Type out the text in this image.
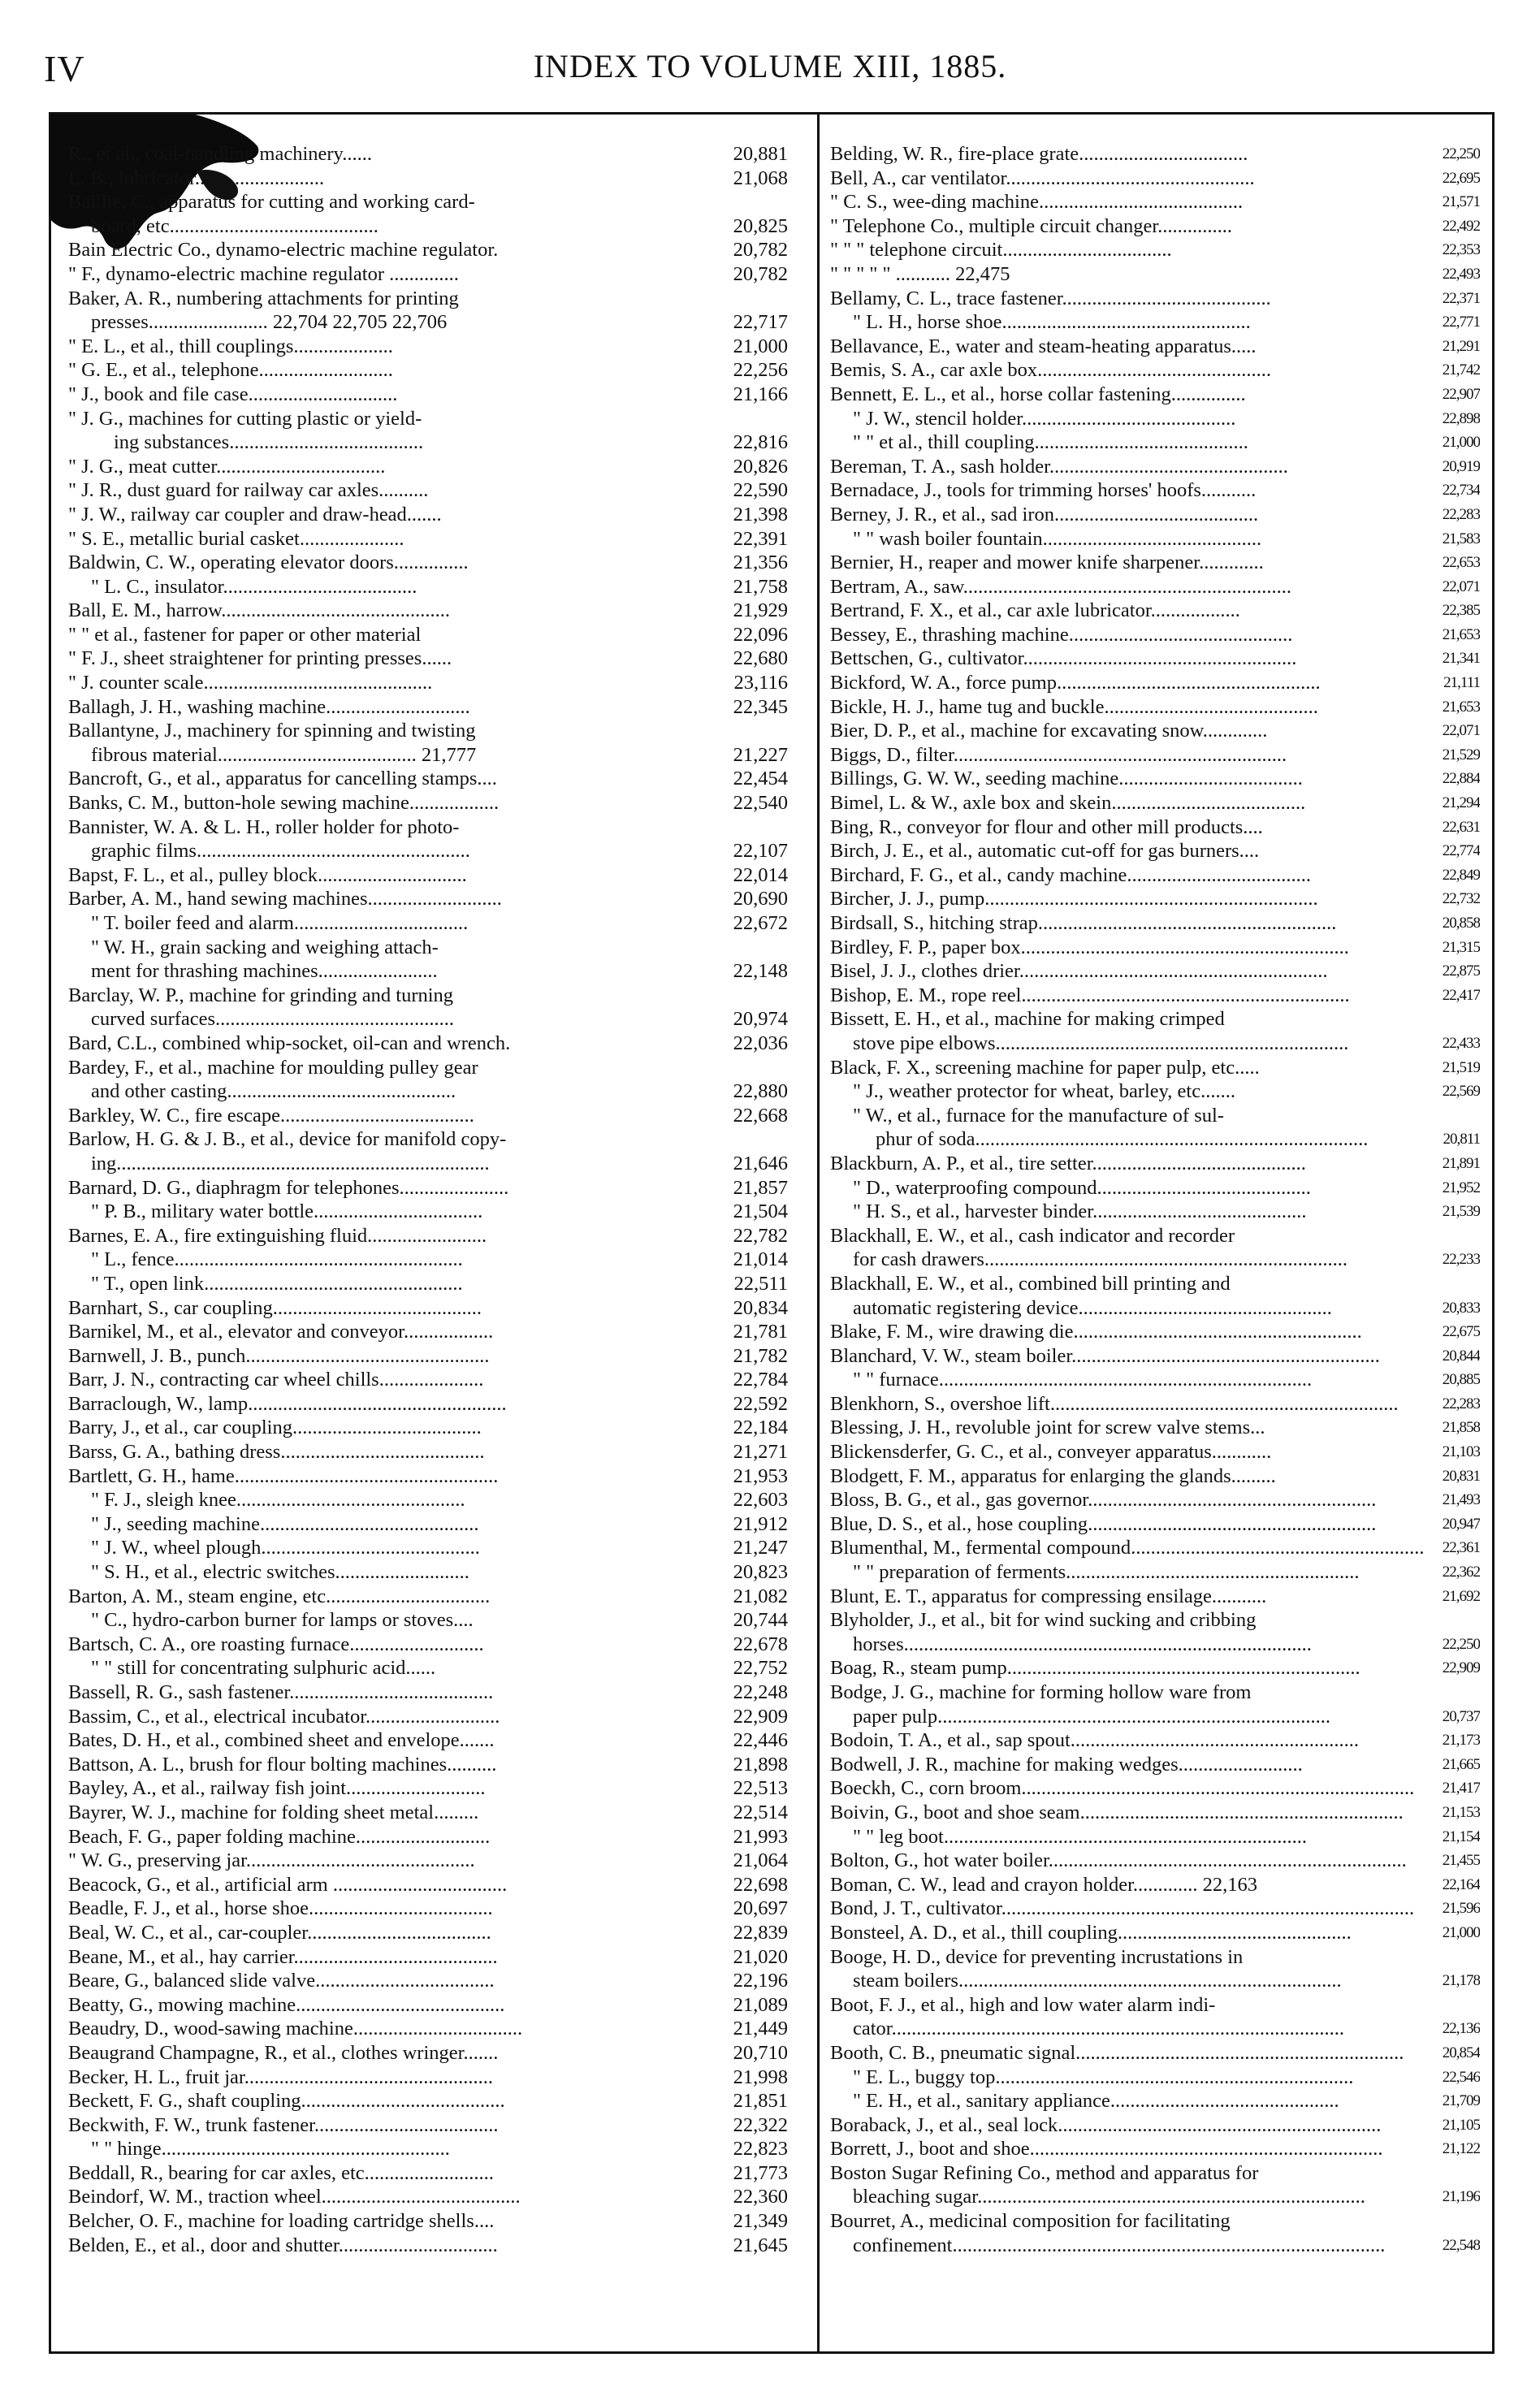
IV	INDEX TO VOLUME XIII, 1885.
R., et al., coal-handling machinery......	20,881
L. B., lubricator..........................	21,068
Baillie, C., apparatus for cutting and working card-
board, etc..........................................	20,825
Bain Electric Co., dynamo-electric machine regulator.	20,782
" F., dynamo-electric machine regulator ..............	20,782
Baker, A. R., numbering attachments for printing
presses........................ 22,704 22,705 22,706	22,717
" E. L., et al., thill couplings....................	21,000
" G. E., et al., telephone...........................	22,256
" J., book and file case..............................	21,166
" J. G., machines for cutting plastic or yield-
ing substances.......................................	22,816
" J. G., meat cutter..................................	20,826
" J. R., dust guard for railway car axles..........	22,590
" J. W., railway car coupler and draw-head.......	21,398
" S. E., metallic burial casket.....................	22,391
Baldwin, C. W., operating elevator doors...............	21,356
" L. C., insulator.......................................	21,758
Ball, E. M., harrow..............................................	21,929
" " et al., fastener for paper or other material	22,096
" F. J., sheet straightener for printing presses......	22,680
" J. counter scale..............................................	23,116
Ballagh, J. H., washing machine.............................	22,345
Ballantyne, J., machinery for spinning and twisting
fibrous material........................................ 21,777	21,227
Bancroft, G., et al., apparatus for cancelling stamps....	22,454
Banks, C. M., button-hole sewing machine..................	22,540
Bannister, W. A. & L. H., roller holder for photo-
graphic films.......................................................	22,107
Bapst, F. L., et al., pulley block..............................	22,014
Barber, A. M., hand sewing machines...........................	20,690
" T. boiler feed and alarm...................................	22,672
" W. H., grain sacking and weighing attach-
ment for thrashing machines........................	22,148
Barclay, W. P., machine for grinding and turning
curved surfaces................................................	20,974
Bard, C.L., combined whip-socket, oil-can and wrench.	22,036
Bardey, F., et al., machine for moulding pulley gear
and other casting..............................................	22,880
Barkley, W. C., fire escape.......................................	22,668
Barlow, H. G. & J. B., et al., device for manifold copy-
ing...........................................................................	21,646
Barnard, D. G., diaphragm for telephones......................	21,857
" P. B., military water bottle..................................	21,504
Barnes, E. A., fire extinguishing fluid........................	22,782
" L., fence..........................................................	21,014
" T., open link....................................................	22,511
Barnhart, S., car coupling..........................................	20,834
Barnikel, M., et al., elevator and conveyor..................	21,781
Barnwell, J. B., punch.................................................	21,782
Barr, J. N., contracting car wheel chills.....................	22,784
Barraclough, W., lamp....................................................	22,592
Barry, J., et al., car coupling......................................	22,184
Barss, G. A., bathing dress.........................................	21,271
Bartlett, G. H., hame.....................................................	21,953
" F. J., sleigh knee..............................................	22,603
" J., seeding machine............................................	21,912
" J. W., wheel plough............................................	21,247
" S. H., et al., electric switches...........................	20,823
Barton, A. M., steam engine, etc.................................	21,082
" C., hydro-carbon burner for lamps or stoves....	20,744
Bartsch, C. A., ore roasting furnace...........................	22,678
" " still for concentrating sulphuric acid......	22,752
Bassell, R. G., sash fastener.........................................	22,248
Bassim, C., et al., electrical incubator...........................	22,909
Bates, D. H., et al., combined sheet and envelope.......	22,446
Battson, A. L., brush for flour bolting machines..........	21,898
Bayley, A., et al., railway fish joint............................	22,513
Bayrer, W. J., machine for folding sheet metal.........	22,514
Beach, F. G., paper folding machine...........................	21,993
" W. G., preserving jar..............................................	21,064
Beacock, G., et al., artificial arm ...................................	22,698
Beadle, F. J., et al., horse shoe.....................................	20,697
Beal, W. C., et al., car-coupler.....................................	22,839
Beane, M., et al., hay carrier.........................................	21,020
Beare, G., balanced slide valve....................................	22,196
Beatty, G., mowing machine..........................................	21,089
Beaudry, D., wood-sawing machine..................................	21,449
Beaugrand Champagne, R., et al., clothes wringer.......	20,710
Becker, H. L., fruit jar..................................................	21,998
Beckett, F. G., shaft coupling.........................................	21,851
Beckwith, F. W., trunk fastener.....................................	22,322
" " hinge..........................................................	22,823
Beddall, R., bearing for car axles, etc..........................	21,773
Beindorf, W. M., traction wheel........................................	22,360
Belcher, O. F., machine for loading cartridge shells....	21,349
Belden, E., et al., door and shutter................................	21,645
Belding, W. R., fire-place grate..................................	22,250
Bell, A., car ventilator..................................................	22,695
" C. S., wee-ding machine.........................................	21,571
" Telephone Co., multiple circuit changer...............	22,492
" " " telephone circuit..................................	22,353
" " " " " ........... 22,475	22,493
Bellamy, C. L., trace fastener..........................................	22,371
" L. H., horse shoe..................................................	22,771
Bellavance, E., water and steam-heating apparatus.....	21,291
Bemis, S. A., car axle box...............................................	21,742
Bennett, E. L., et al., horse collar fastening...............	22,907
" J. W., stencil holder...........................................	22,898
" " et al., thill coupling...........................................	21,000
Bereman, T. A., sash holder................................................	20,919
Bernadace, J., tools for trimming horses' hoofs...........	22,734
Berney, J. R., et al., sad iron.........................................	22,283
" " wash boiler fountain............................................	21,583
Bernier, H., reaper and mower knife sharpener.............	22,653
Bertram, A., saw..................................................................	22,071
Bertrand, F. X., et al., car axle lubricator..................	22,385
Bessey, E., thrashing machine.............................................	21,653
Bettschen, G., cultivator.......................................................	21,341
Bickford, W. A., force pump.....................................................	21,111
Bickle, H. J., hame tug and buckle...........................................	21,653
Bier, D. P., et al., machine for excavating snow.............	22,071
Biggs, D., filter...................................................................	21,529
Billings, G. W. W., seeding machine.....................................	22,884
Bimel, L. & W., axle box and skein.......................................	21,294
Bing, R., conveyor for flour and other mill products....	22,631
Birch, J. E., et al., automatic cut-off for gas burners....	22,774
Birchard, F. G., et al., candy machine.....................................	22,849
Bircher, J. J., pump...................................................................	22,732
Birdsall, S., hitching strap............................................................	20,858
Birdley, F. P., paper box..................................................................	21,315
Bisel, J. J., clothes drier..............................................................	22,875
Bishop, E. M., rope reel..................................................................	22,417
Bissett, E. H., et al., machine for making crimped
stove pipe elbows.......................................................................	22,433
Black, F. X., screening machine for paper pulp, etc.....	21,519
" J., weather protector for wheat, barley, etc.......	22,569
" W., et al., furnace for the manufacture of sul-
phur of soda...............................................................................	20,811
Blackburn, A. P., et al., tire setter...........................................	21,891
" D., waterproofing compound...........................................	21,952
" H. S., et al., harvester binder...........................................	21,539
Blackhall, E. W., et al., cash indicator and recorder
for cash drawers.........................................................................	22,233
Blackhall, E. W., et al., combined bill printing and
automatic registering device...................................................	20,833
Blake, F. M., wire drawing die..........................................................	22,675
Blanchard, V. W., steam boiler..............................................................	20,844
" " furnace...........................................................................	20,885
Blenkhorn, S., overshoe lift......................................................................	22,283
Blessing, J. H., revoluble joint for screw valve stems...	21,858
Blickensderfer, G. C., et al., conveyer apparatus............	21,103
Blodgett, F. M., apparatus for enlarging the glands.........	20,831
Bloss, B. G., et al., gas governor..........................................................	21,493
Blue, D. S., et al., hose coupling..........................................................	20,947
Blumenthal, M., fermental compound........................................................... 22,361
" " preparation of ferments...........................................................	22,362
Blunt, E. T., apparatus for compressing ensilage...........	21,692
Blyholder, J., et al., bit for wind sucking and cribbing
horses..................................................................................	22,250
Boag, R., steam pump.......................................................................	22,909
Bodge, J. G., machine for forming hollow ware from
paper pulp...............................................................................	20,737
Bodoin, T. A., et al., sap spout..........................................................	21,173
Bodwell, J. R., machine for making wedges.........................	21,665
Boeckh, C., corn broom............................................................................... 21,417
Boivin, G., boot and shoe seam.................................................................	21,153
" " leg boot.........................................................................	21,154
Bolton, G., hot water boiler........................................................................ 21,455
Boman, C. W., lead and crayon holder............. 22,163	22,164
Bond, J. T., cultivator................................................................................... 21,596
Bonsteel, A. D., et al., thill coupling...............................................	21,000
Booge, H. D., device for preventing incrustations in
steam boilers.............................................................................	21,178
Boot, F. J., et al., high and low water alarm indi-
cator...........................................................................................	22,136
Booth, C. B., pneumatic signal.................................................................. 20,854
" E. L., buggy top........................................................................	22,546
" E. H., et al., sanitary appliance..............................................	21,709
Boraback, J., et al., seal lock.................................................................	21,105
Borrett, J., boot and shoe.......................................................................	21,122
Boston Sugar Refining Co., method and apparatus for
bleaching sugar..............................................................................	21,196
Bourret, A., medicinal composition for facilitating
confinement.......................................................................................	22,548
